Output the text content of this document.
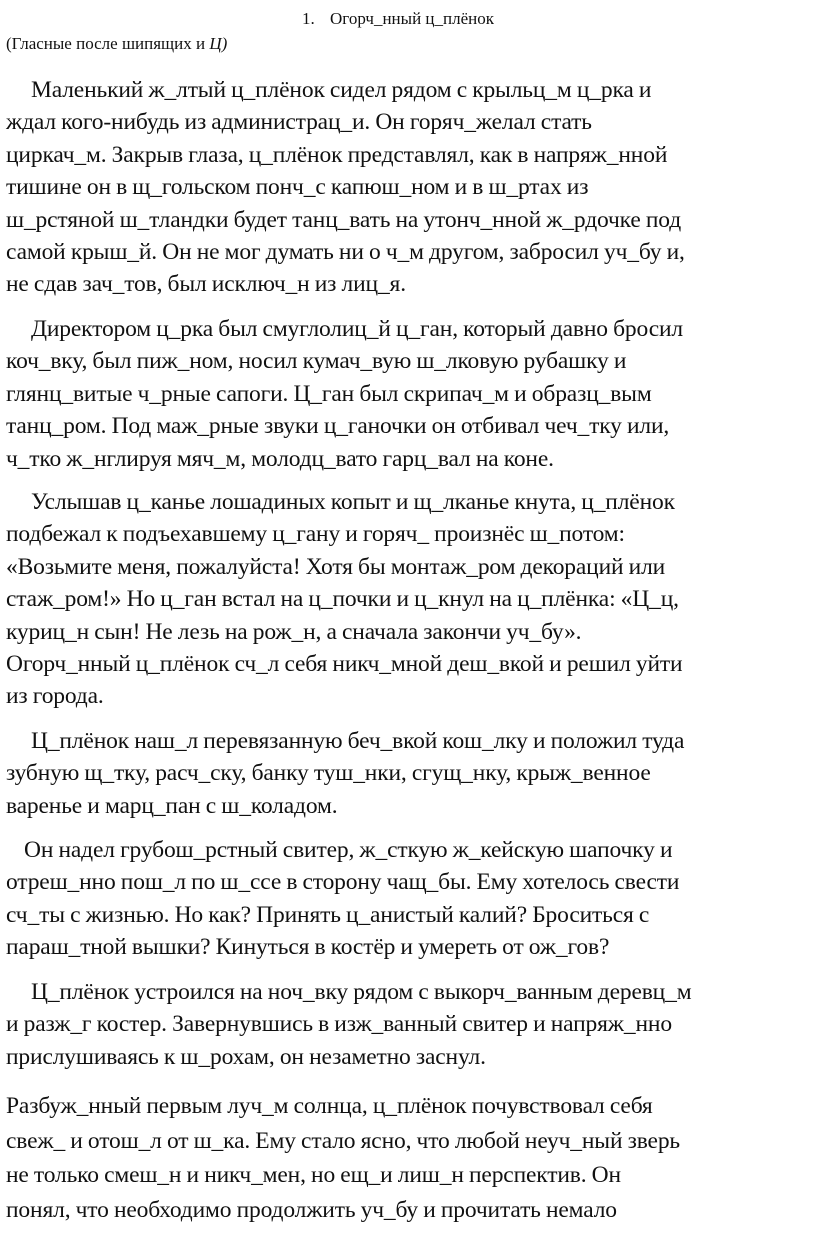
1. Огорч_нный ц_плёнок
(Гласные после шипящих и Ц)
Маленький ж_лтый ц_плёнок сидел рядом с крыльц_м ц_рка и
ждал кого-нибудь из администрац_и. Он горяч_желал стать
циркач_м. Закрыв глаза, ц_плёнок представлял, как в напряж_нной
тишине он в щ_гольском понч_с капюш_ном и в ш_ртах из
ш_рстяной ш_тландки будет танц_вать на утонч_нной ж_рдочке под
самой крыш_й. Он не мог думать ни о ч_м другом, забросил уч_бу и,
не сдав зач_тов, был исключ_н из лиц_я.
Директором ц_рка был смуглолиц_й ц_ган, который давно бросил
коч_вку, был пиж_ном, носил кумач_вую ш_лковую рубашку и
глянц_витые ч_рные сапоги. Ц_ган был скрипач_м и образц_вым
танц_ром. Под маж_рные звуки ц_ганочки он отбивал чеч_тку или,
ч_тко ж_нглируя мяч_м, молодц_вато гарц_вал на коне.
Услышав ц_канье лошадиных копыт и щ_лканье кнута, ц_плёнок
подбежал к подъехавшему ц_гану и горяч_ произнёс ш_потом:
«Возьмите меня, пожалуйста! Хотя бы монтаж_ром декораций или
стаж_ром!» Но ц_ган встал на ц_почки и ц_кнул на ц_плёнка: «Ц_ц,
куриц_н сын! Не лезь на рож_н, а сначала закончи уч_бу».
Огорч_нный ц_плёнок сч_л себя никч_мной деш_вкой и решил уйти
из города.
Ц_плёнок наш_л перевязанную беч_вкой кош_лку и положил туда
зубную щ_тку, расч_ску, банку туш_нки, сгущ_нку, крыж_венное
варенье и марц_пан с ш_коладом.
Он надел грубош_рстный свитер, ж_сткую ж_кейскую шапочку и
отреш_нно пош_л по ш_ссе в сторону чащ_бы. Ему хотелось свести
сч_ты с жизнью. Но как? Принять ц_анистый калий? Броситься с
параш_тной вышки? Кинуться в костёр и умереть от ож_гов?
Ц_плёнок устроился на ноч_вку рядом с выкорч_ванным деревц_м
и разж_г костер. Завернувшись в изж_ванный свитер и напряж_нно
прислушиваясь к ш_рохам, он незаметно заснул.
Разбуж_нный первым луч_м солнца, ц_плёнок почувствовал себя
свеж_ и отош_л от ш_ка. Ему стало ясно, что любой неуч_ный зверь
не только смеш_н и никч_мен, но ещ_и лиш_н перспектив. Он
понял, что необходимо продолжить уч_бу и прочитать немало
